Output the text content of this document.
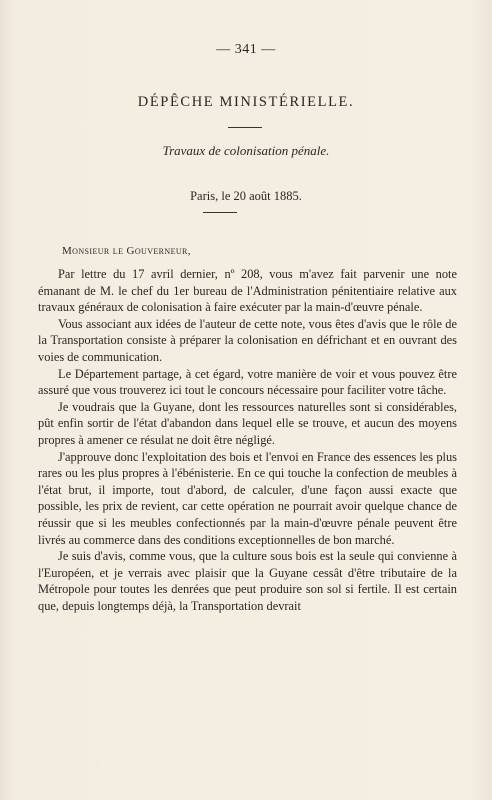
— 341 —
DÉPÊCHE MINISTÉRIELLE.
Travaux de colonisation pénale.
Paris, le 20 août 1885.
Monsieur le Gouverneur,

Par lettre du 17 avril dernier, nº 208, vous m'avez fait parvenir une note émanant de M. le chef du 1er bureau de l'Administration pénitentiaire relative aux travaux généraux de colonisation à faire exécuter par la main-d'œuvre pénale.

Vous associant aux idées de l'auteur de cette note, vous êtes d'avis que le rôle de la Transportation consiste à préparer la colonisation en défrichant et en ouvrant des voies de communication.

Le Département partage, à cet égard, votre manière de voir et vous pouvez être assuré que vous trouverez ici tout le concours nécessaire pour faciliter votre tâche.

Je voudrais que la Guyane, dont les ressources naturelles sont si considérables, pût enfin sortir de l'état d'abandon dans lequel elle se trouve, et aucun des moyens propres à amener ce résulat ne doit être négligé.

J'approuve donc l'exploitation des bois et l'envoi en France des essences les plus rares ou les plus propres à l'ébénisterie. En ce qui touche la confection de meubles à l'état brut, il importe, tout d'abord, de calculer, d'une façon aussi exacte que possible, les prix de revient, car cette opération ne pourrait avoir quelque chance de réussir que si les meubles confectionnés par la main-d'œuvre pénale peuvent être livrés au commerce dans des conditions exceptionnelles de bon marché.

Je suis d'avis, comme vous, que la culture sous bois est la seule qui convienne à l'Européen, et je verrais avec plaisir que la Guyane cessât d'être tributaire de la Métropole pour toutes les denrées que peut produire son sol si fertile. Il est certain que, depuis longtemps déjà, la Transportation devrait
